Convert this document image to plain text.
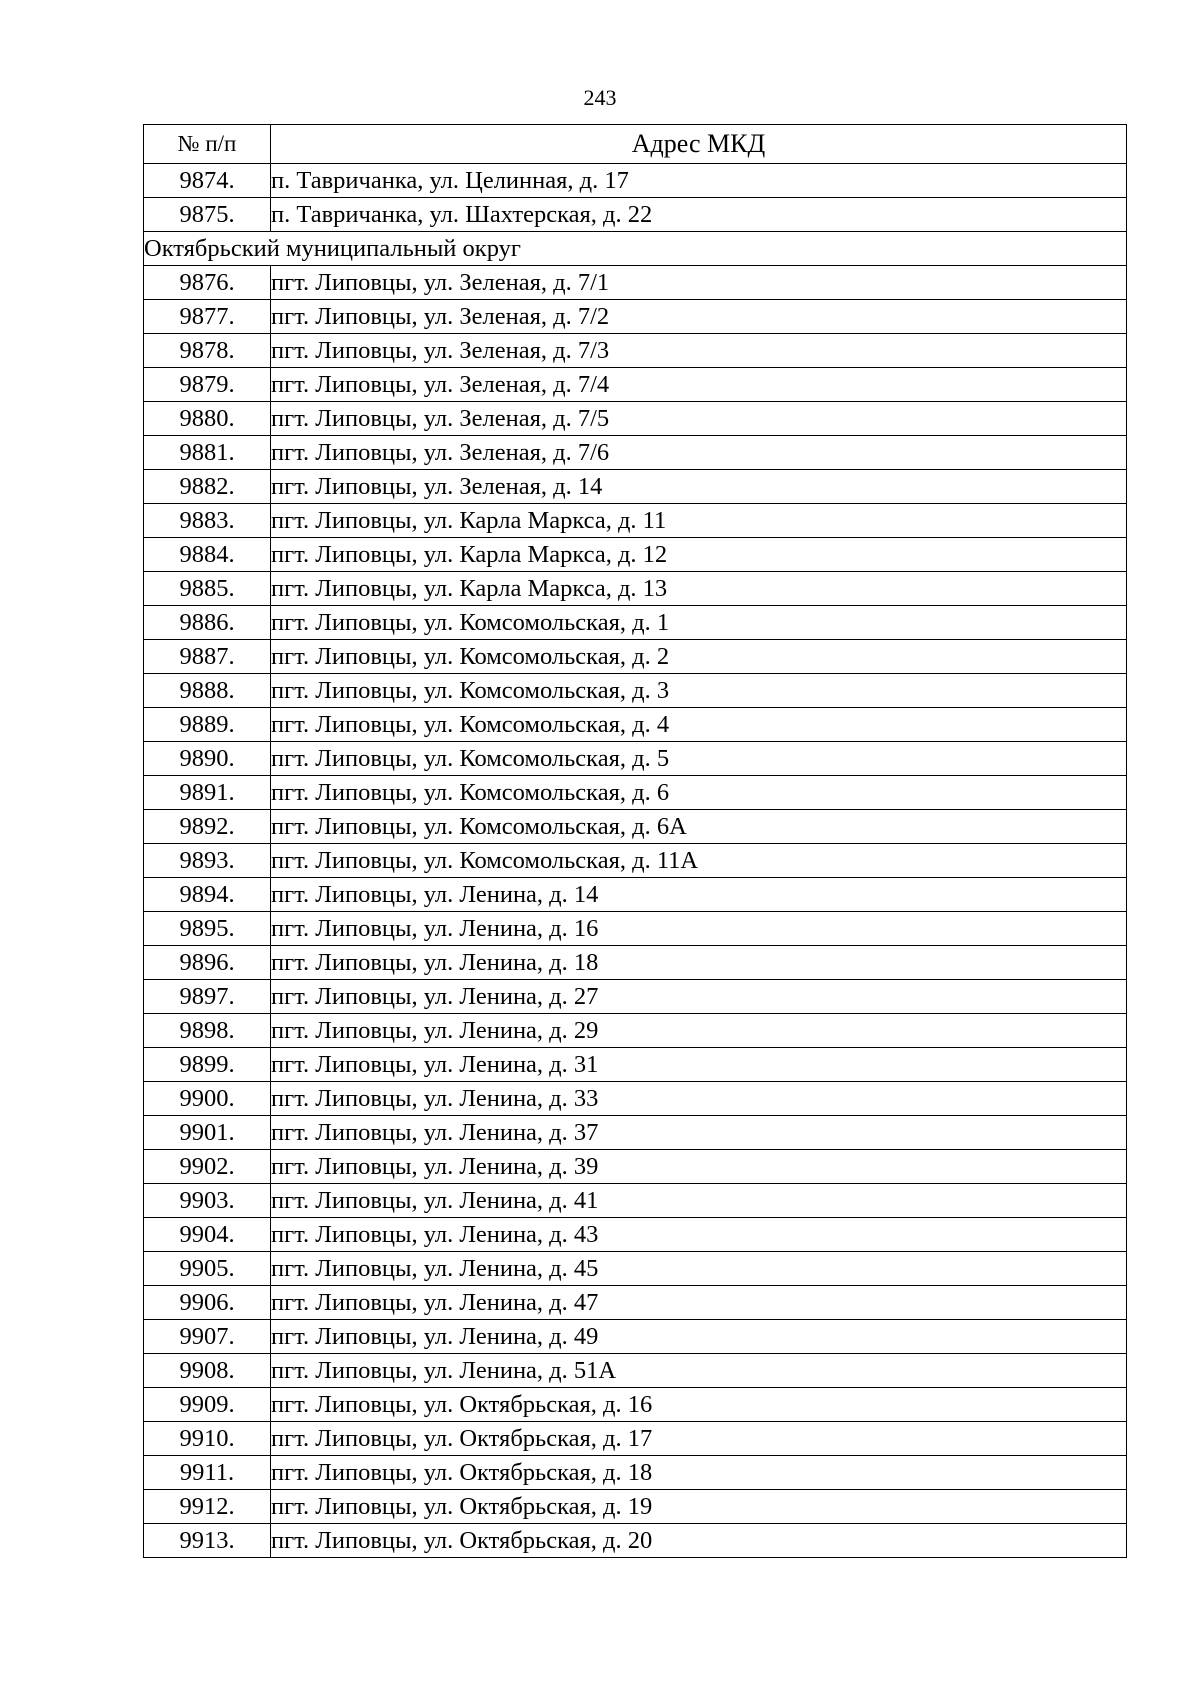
243
№ п/п	Адрес МКД
9874.	п. Тавричанка, ул. Целинная, д. 17
9875.	п. Тавричанка, ул. Шахтерская, д. 22
Октябрьский муниципальный округ	
9876.	пгт. Липовцы, ул. Зеленая, д. 7/1
9877.	пгт. Липовцы, ул. Зеленая, д. 7/2
9878.	пгт. Липовцы, ул. Зеленая, д. 7/3
9879.	пгт. Липовцы, ул. Зеленая, д. 7/4
9880.	пгт. Липовцы, ул. Зеленая, д. 7/5
9881.	пгт. Липовцы, ул. Зеленая, д. 7/6
9882.	пгт. Липовцы, ул. Зеленая, д. 14
9883.	пгт. Липовцы, ул. Карла Маркса, д. 11
9884.	пгт. Липовцы, ул. Карла Маркса, д. 12
9885.	пгт. Липовцы, ул. Карла Маркса, д. 13
9886.	пгт. Липовцы, ул. Комсомольская, д. 1
9887.	пгт. Липовцы, ул. Комсомольская, д. 2
9888.	пгт. Липовцы, ул. Комсомольская, д. 3
9889.	пгт. Липовцы, ул. Комсомольская, д. 4
9890.	пгт. Липовцы, ул. Комсомольская, д. 5
9891.	пгт. Липовцы, ул. Комсомольская, д. 6
9892.	пгт. Липовцы, ул. Комсомольская, д. 6А
9893.	пгт. Липовцы, ул. Комсомольская, д. 11А
9894.	пгт. Липовцы, ул. Ленина, д. 14
9895.	пгт. Липовцы, ул. Ленина, д. 16
9896.	пгт. Липовцы, ул. Ленина, д. 18
9897.	пгт. Липовцы, ул. Ленина, д. 27
9898.	пгт. Липовцы, ул. Ленина, д. 29
9899.	пгт. Липовцы, ул. Ленина, д. 31
9900.	пгт. Липовцы, ул. Ленина, д. 33
9901.	пгт. Липовцы, ул. Ленина, д. 37
9902.	пгт. Липовцы, ул. Ленина, д. 39
9903.	пгт. Липовцы, ул. Ленина, д. 41
9904.	пгт. Липовцы, ул. Ленина, д. 43
9905.	пгт. Липовцы, ул. Ленина, д. 45
9906.	пгт. Липовцы, ул. Ленина, д. 47
9907.	пгт. Липовцы, ул. Ленина, д. 49
9908.	пгт. Липовцы, ул. Ленина, д. 51А
9909.	пгт. Липовцы, ул. Октябрьская, д. 16
9910.	пгт. Липовцы, ул. Октябрьская, д. 17
9911.	пгт. Липовцы, ул. Октябрьская, д. 18
9912.	пгт. Липовцы, ул. Октябрьская, д. 19
9913.	пгт. Липовцы, ул. Октябрьская, д. 20
